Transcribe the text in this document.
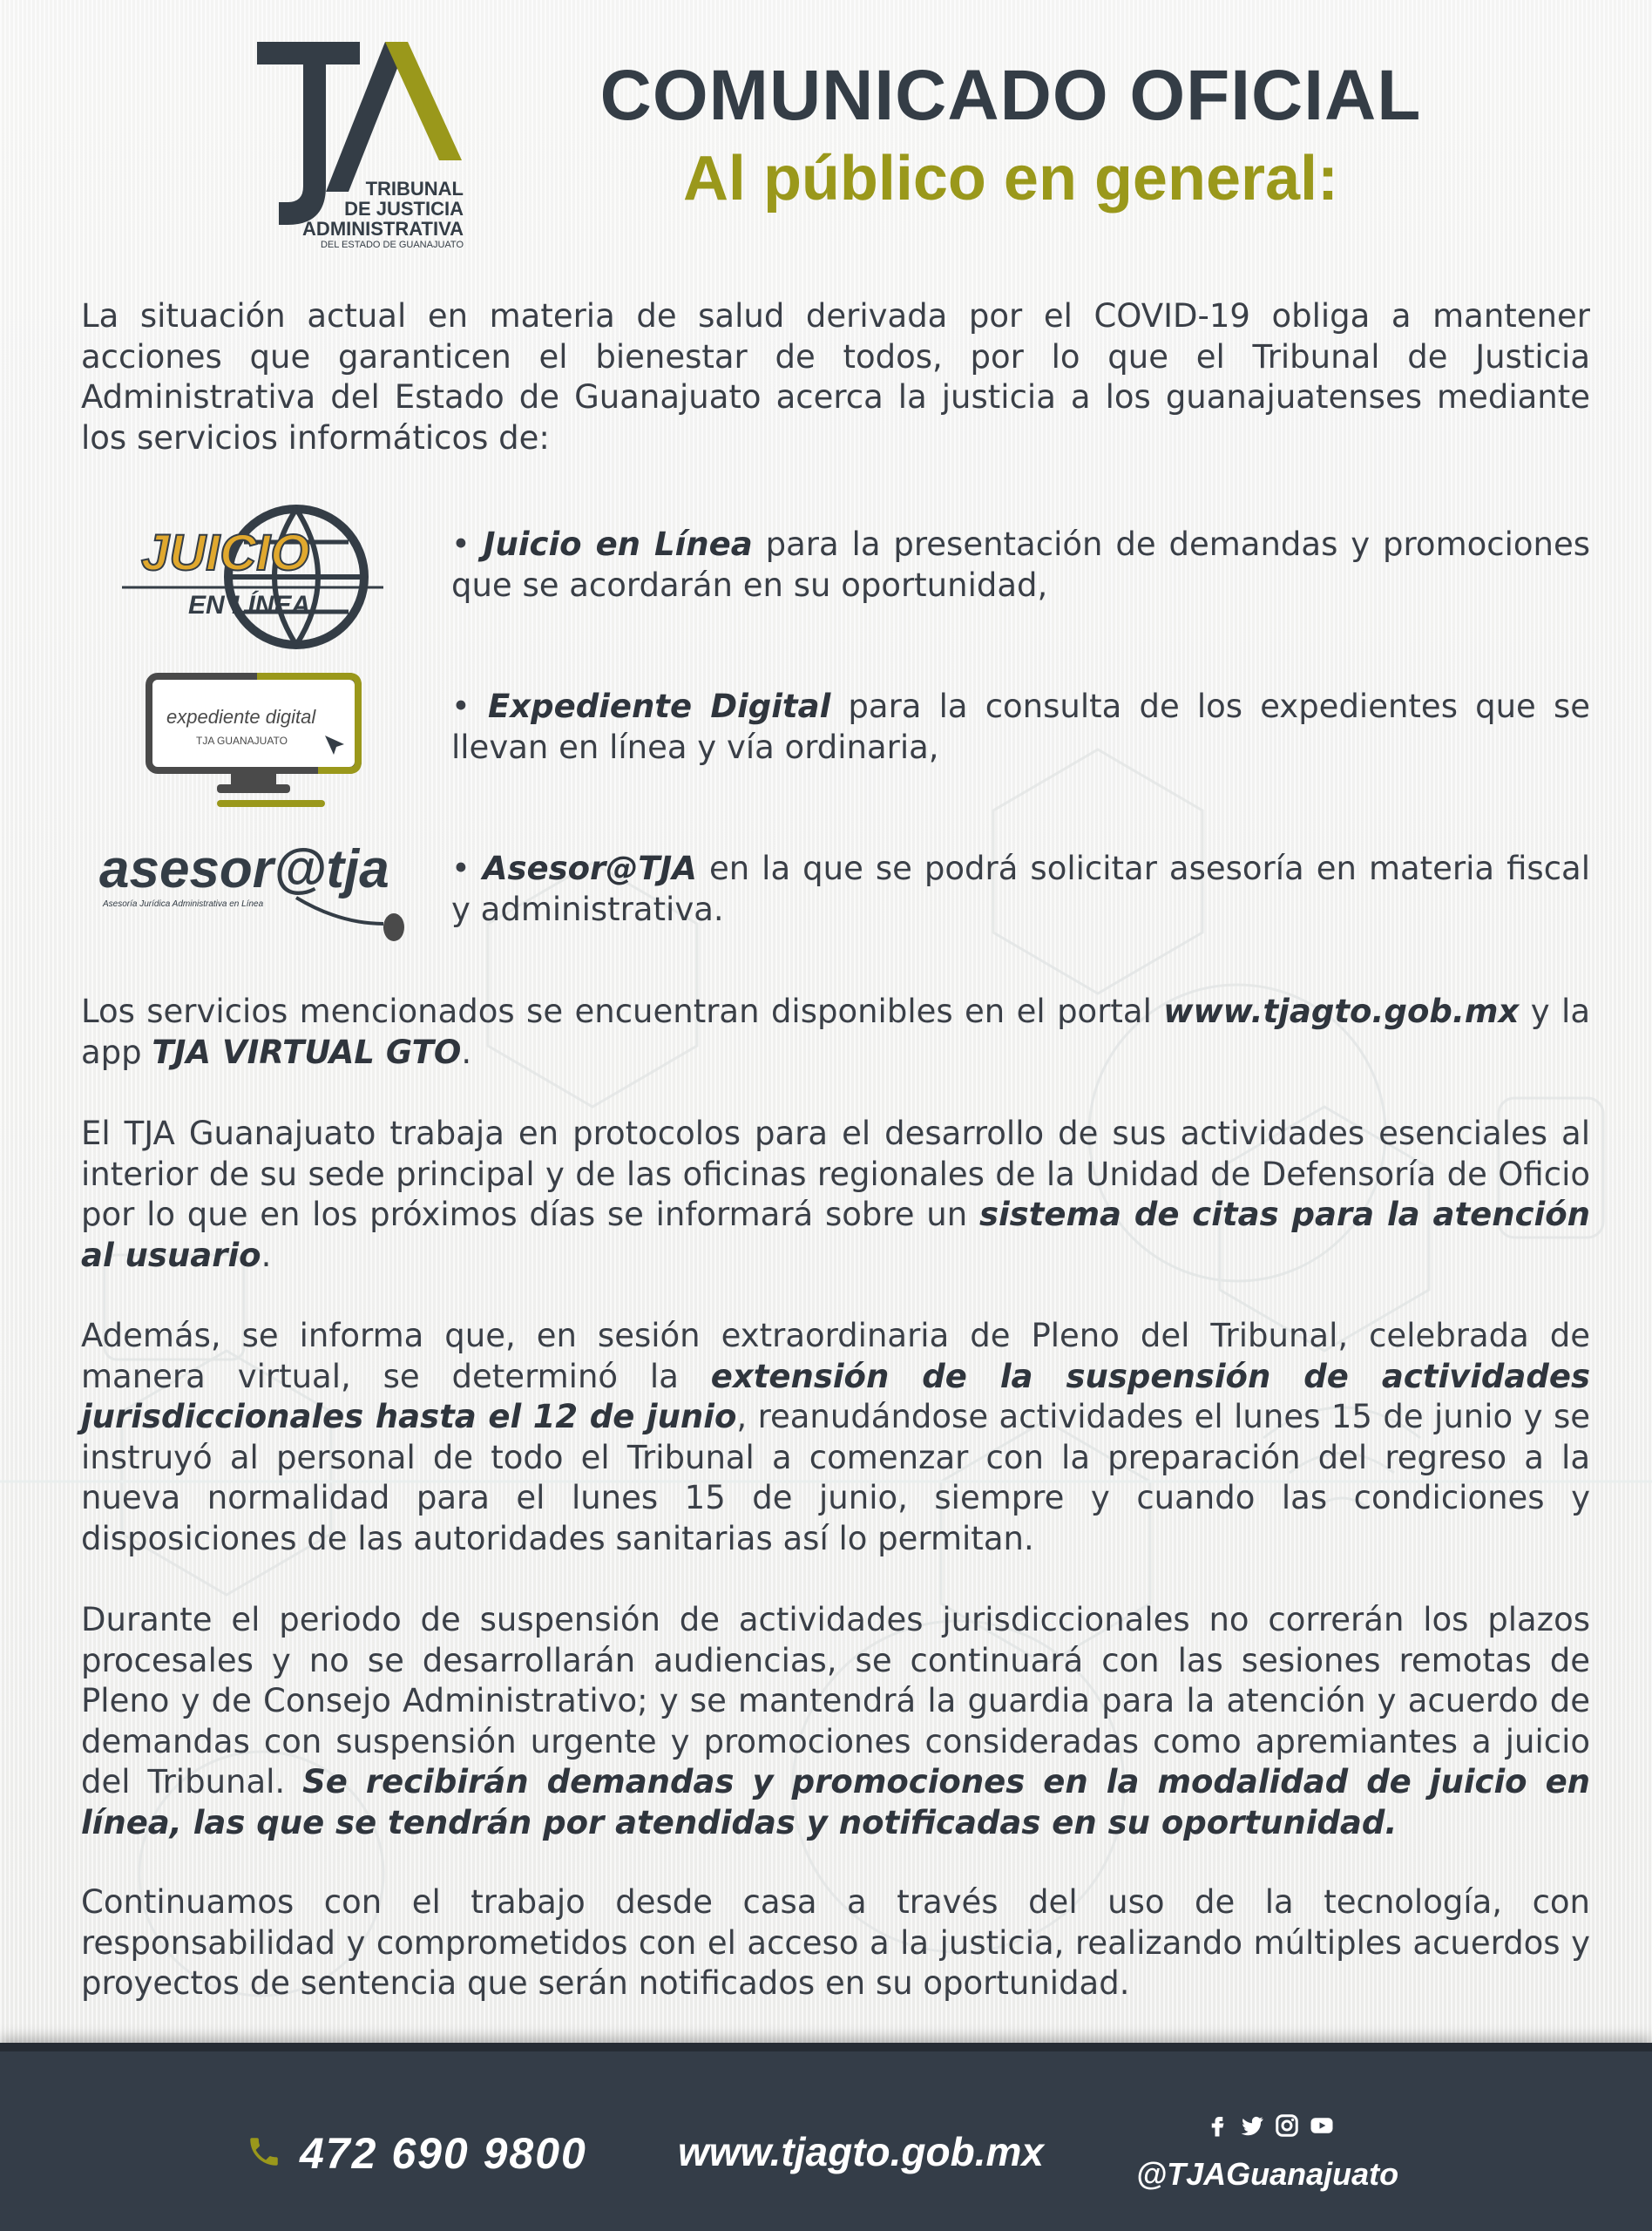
TRIBUNAL
DE JUSTICIA
ADMINISTRATIVA
DEL ESTADO DE GUANAJUATO
COMUNICADO OFICIAL
Al público en general:

La situación actual en materia de salud derivada por el COVID-19 obliga a mantener acciones que garanticen el bienestar de todos, por lo que el Tribunal de Justicia Administrativa del Estado de Guanajuato acerca la justicia a los guanajuatenses mediante los servicios informáticos de:

JUICIO
EN LÍNEA

• Juicio en Línea para la presentación de demandas y promociones que se acordarán en su oportunidad,

expediente digital
TJA GUANAJUATO

• Expediente Digital para la consulta de los expedientes que se llevan en línea y vía ordinaria,

asesor@tja
Asesoría Jurídica Administrativa en Línea

• Asesor@TJA en la que se podrá solicitar asesoría en materia fiscal y administrativa.

Los servicios mencionados se encuentran disponibles en el portal www.tjagto.gob.mx y la app TJA VIRTUAL GTO.

El TJA Guanajuato trabaja en protocolos para el desarrollo de sus actividades esenciales al interior de su sede principal y de las oficinas regionales de la Unidad de Defensoría de Oficio por lo que en los próximos días se informará sobre un sistema de citas para la atención al usuario.

Además, se informa que, en sesión extraordinaria de Pleno del Tribunal, celebrada de manera virtual, se determinó la extensión de la suspensión de actividades jurisdiccionales hasta el 12 de junio, reanudándose actividades el lunes 15 de junio y se instruyó al personal de todo el Tribunal a comenzar con la preparación del regreso a la nueva normalidad para el lunes 15 de junio, siempre y cuando las condiciones y disposiciones de las autoridades sanitarias así lo permitan.

Durante el periodo de suspensión de actividades jurisdiccionales no correrán los plazos procesales y no se desarrollarán audiencias, se continuará con las sesiones remotas de Pleno y de Consejo Administrativo; y se mantendrá la guardia para la atención y acuerdo de demandas con suspensión urgente y promociones consideradas como apremiantes a juicio del Tribunal. Se recibirán demandas y promociones en la modalidad de juicio en línea, las que se tendrán por atendidas y notificadas en su oportunidad.

Continuamos con el trabajo desde casa a través del uso de la tecnología, con responsabilidad y comprometidos con el acceso a la justicia, realizando múltiples acuerdos y proyectos de sentencia que serán notificados en su oportunidad.

472 690 9800 www.tjagto.gob.mx	@TJAGuanajuato
